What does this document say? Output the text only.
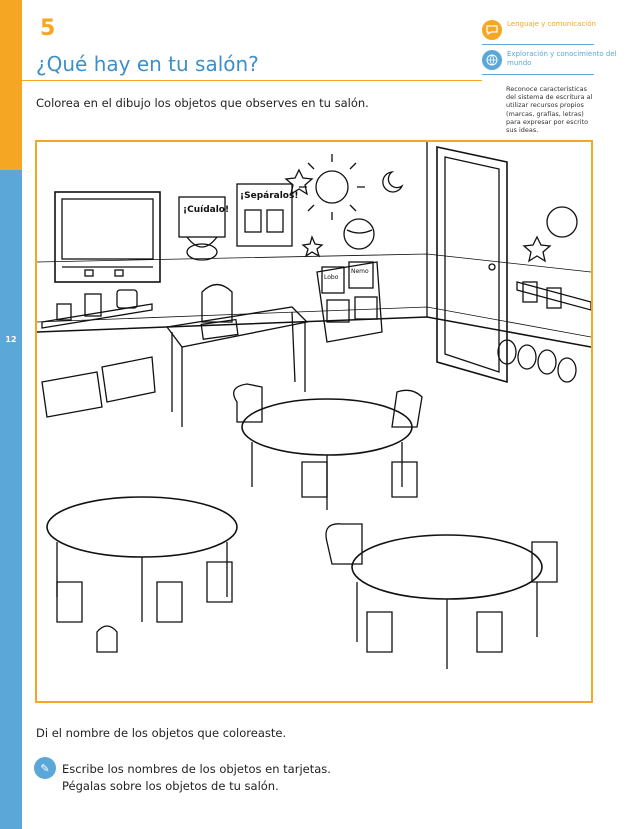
12
5
¿Qué hay en tu salón?
Colorea en el dibujo los objetos que observes en tu salón.
Lenguaje y comunicación
Exploración y conocimiento del mundo
Reconoce características del sistema de escritura al utilizar recursos propios (marcas, grafías, letras) para expresar por escrito sus ideas.
¡Cuídalo!
¡Sepáralos!
Lobo
Nemo
Di el nombre de los objetos que coloreaste.
✎	Escribe los nombres de los objetos en tarjetas.
Pégalas sobre los objetos de tu salón.
